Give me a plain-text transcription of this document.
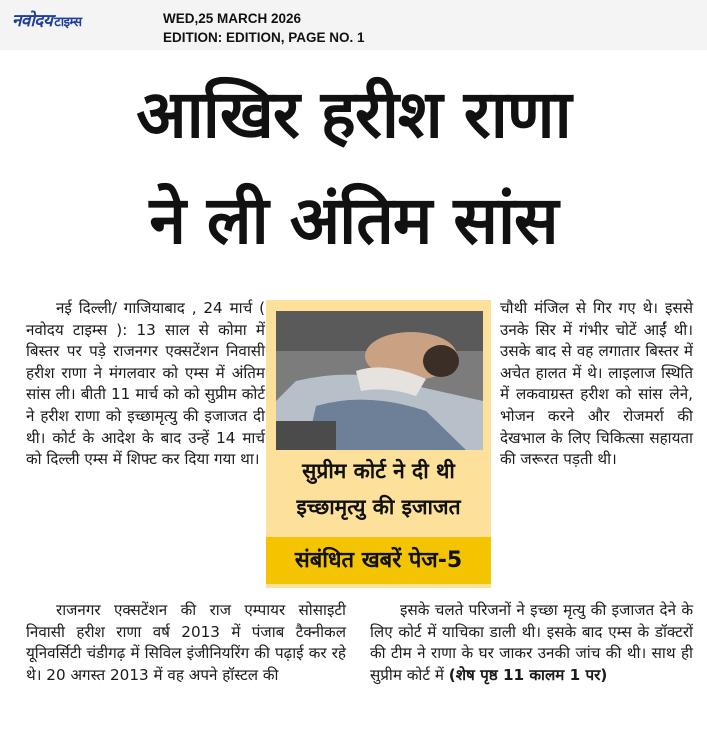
नवोदय टाइम्स	WED,25 MARCH 2026
EDITION: EDITION, PAGE NO. 1
आखिर हरीश राणा
ने ली अंतिम सांस

नई दिल्ली/ गाजियाबाद , 24 मार्च ( नवोदय टाइम्स ): 13 साल से कोमा में बिस्तर पर पड़े राजनगर एक्सटेंशन निवासी हरीश राणा ने मंगलवार को एम्स में अंतिम सांस ली। बीती 11 मार्च को को सुप्रीम कोर्ट ने हरीश राणा को इच्छामृत्यु की इजाजत दी थी। कोर्ट के आदेश के बाद उन्हें 14 मार्च को दिल्ली एम्स में शिफ्ट कर दिया गया था।

राजनगर एक्सटेंशन की राज एम्पायर सोसाइटी निवासी हरीश राणा वर्ष 2013 में पंजाब टैक्नीकल यूनिवर्सिटी चंडीगढ़ में सिविल इंजीनियरिंग की पढ़ाई कर रहे थे। 20 अगस्त 2013 में वह अपने हॉस्टल की

सुप्रीम कोर्ट ने दी थी
इच्छामृत्यु की इजाजत
संबंधित खबरें पेज-5

चौथी मंजिल से गिर गए थे। इससे उनके सिर में गंभीर चोटें आईं थी। उसके बाद से वह लगातार बिस्तर में अचेत हालत में थे। लाइलाज स्थिति में लकवाग्रस्त हरीश को सांस लेने, भोजन करने और रोजमर्रा की देखभाल के लिए चिकित्सा सहायता की जरूरत पड़ती थी।

इसके चलते परिजनों ने इच्छा मृत्यु की इजाजत देने के लिए कोर्ट में याचिका डाली थी। इसके बाद एम्स के डॉक्टरों की टीम ने राणा के घर जाकर उनकी जांच की थी। साथ ही सुप्रीम कोर्ट में (शेष पृष्ठ 11 कालम 1 पर)
